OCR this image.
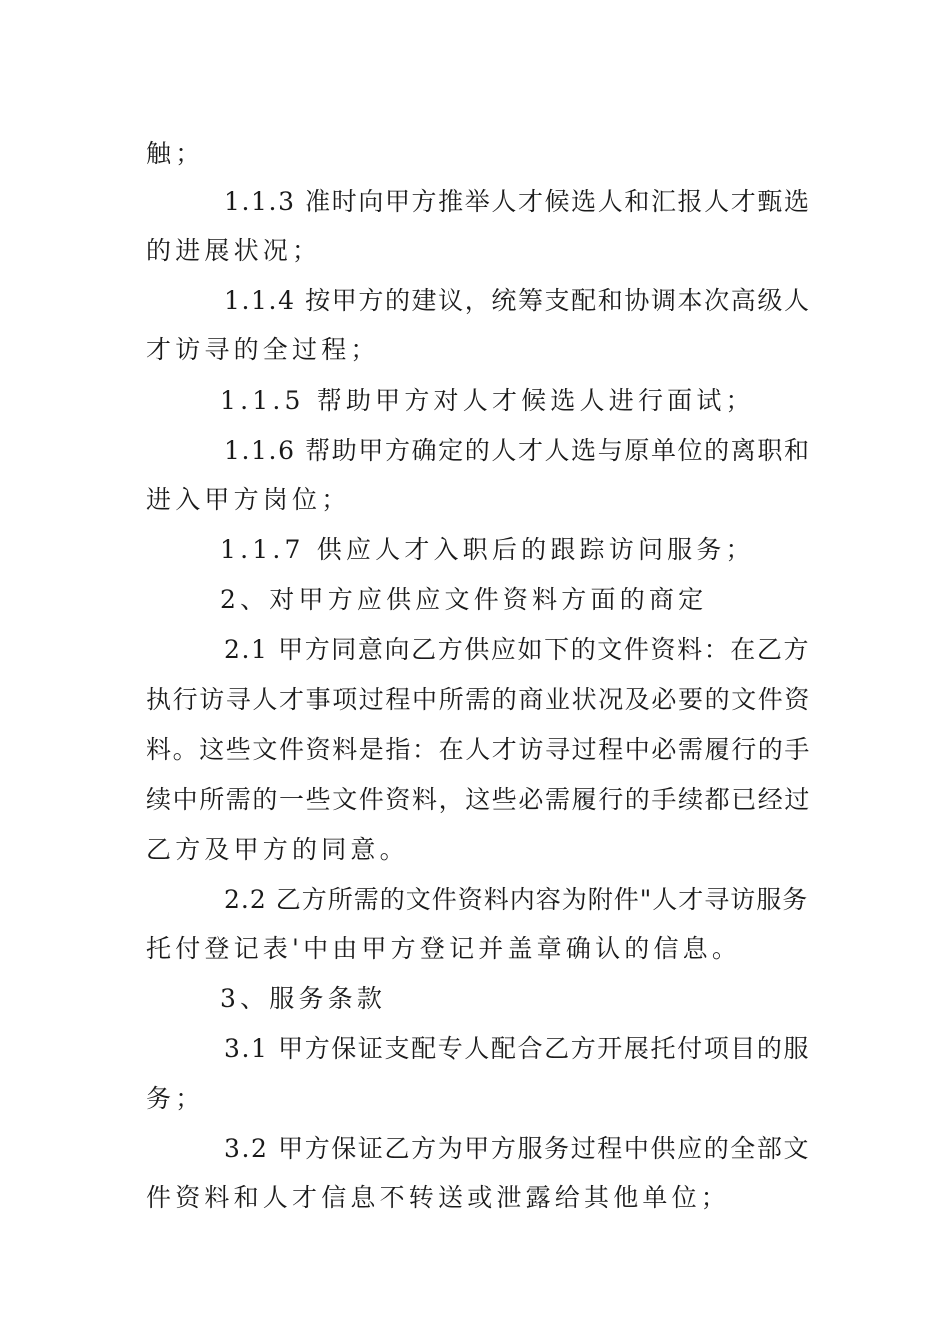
触；
1.1.3 准时向甲方推举人才候选人和汇报人才甄选
的进展状况；
1.1.4 按甲方的建议，统筹支配和协调本次高级人
才访寻的全过程；
1.1.5 帮助甲方对人才候选人进行面试；
1.1.6 帮助甲方确定的人才人选与原单位的离职和
进入甲方岗位；
1.1.7 供应人才入职后的跟踪访问服务；
2、对甲方应供应文件资料方面的商定
2.1 甲方同意向乙方供应如下的文件资料：在乙方
执行访寻人才事项过程中所需的商业状况及必要的文件资
料。这些文件资料是指：在人才访寻过程中必需履行的手
续中所需的一些文件资料，这些必需履行的手续都已经过
乙方及甲方的同意。
2.2 乙方所需的文件资料内容为附件"人才寻访服务
托付登记表'中由甲方登记并盖章确认的信息。
3、服务条款
3.1 甲方保证支配专人配合乙方开展托付项目的服
务；
3.2 甲方保证乙方为甲方服务过程中供应的全部文
件资料和人才信息不转送或泄露给其他单位；
